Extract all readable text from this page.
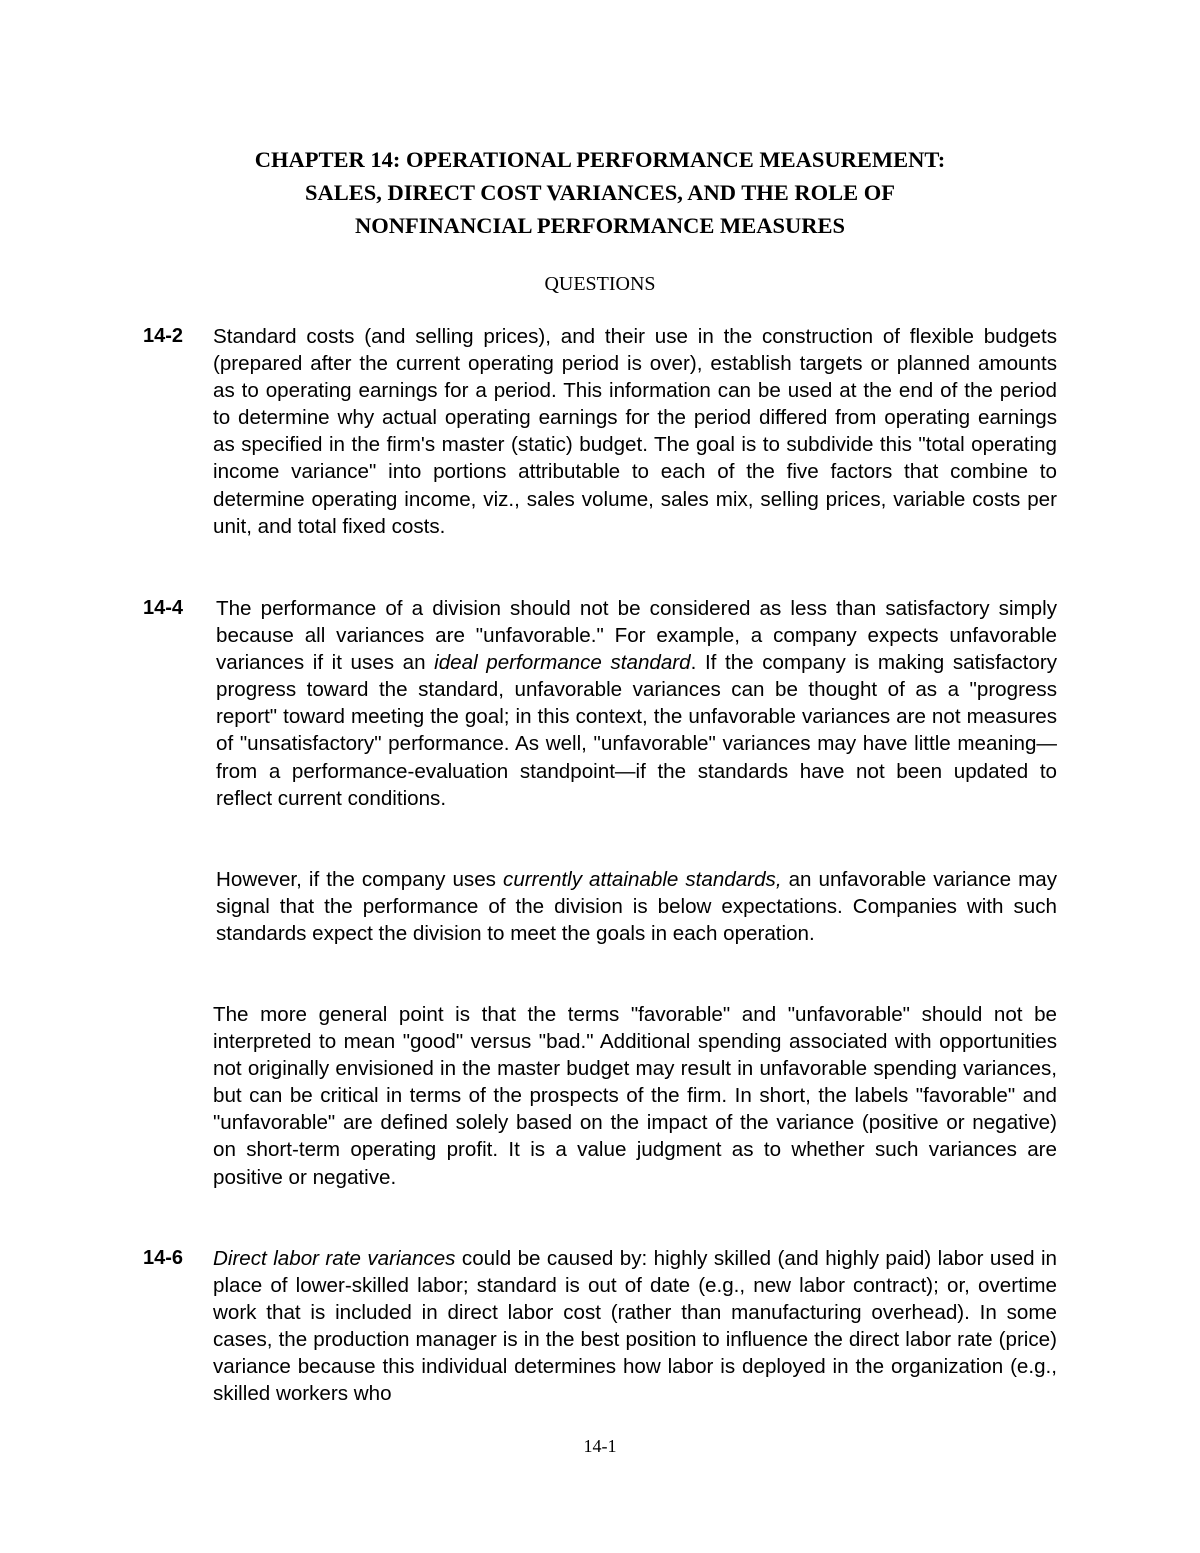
CHAPTER 14: OPERATIONAL PERFORMANCE MEASUREMENT:
SALES, DIRECT COST VARIANCES, AND THE ROLE OF
NONFINANCIAL PERFORMANCE MEASURES
QUESTIONS
14-2 Standard costs (and selling prices), and their use in the construction of flexible budgets (prepared after the current operating period is over), establish targets or planned amounts as to operating earnings for a period. This information can be used at the end of the period to determine why actual operating earnings for the period differed from operating earnings as specified in the firm's master (static) budget. The goal is to subdivide this "total operating income variance" into portions attributable to each of the five factors that combine to determine operating income, viz., sales volume, sales mix, selling prices, variable costs per unit, and total fixed costs.
14-4 The performance of a division should not be considered as less than satisfactory simply because all variances are "unfavorable." For example, a company expects unfavorable variances if it uses an ideal performance standard. If the company is making satisfactory progress toward the standard, unfavorable variances can be thought of as a "progress report" toward meeting the goal; in this context, the unfavorable variances are not measures of "unsatisfactory" performance. As well, "unfavorable" variances may have little meaning—from a performance-evaluation standpoint—if the standards have not been updated to reflect current conditions.
However, if the company uses currently attainable standards, an unfavorable variance may signal that the performance of the division is below expectations. Companies with such standards expect the division to meet the goals in each operation.
The more general point is that the terms "favorable" and "unfavorable" should not be interpreted to mean "good" versus "bad." Additional spending associated with opportunities not originally envisioned in the master budget may result in unfavorable spending variances, but can be critical in terms of the prospects of the firm. In short, the labels "favorable" and "unfavorable" are defined solely based on the impact of the variance (positive or negative) on short-term operating profit. It is a value judgment as to whether such variances are positive or negative.
14-6 Direct labor rate variances could be caused by: highly skilled (and highly paid) labor used in place of lower-skilled labor; standard is out of date (e.g., new labor contract); or, overtime work that is included in direct labor cost (rather than manufacturing overhead). In some cases, the production manager is in the best position to influence the direct labor rate (price) variance because this individual determines how labor is deployed in the organization (e.g., skilled workers who
14-1
